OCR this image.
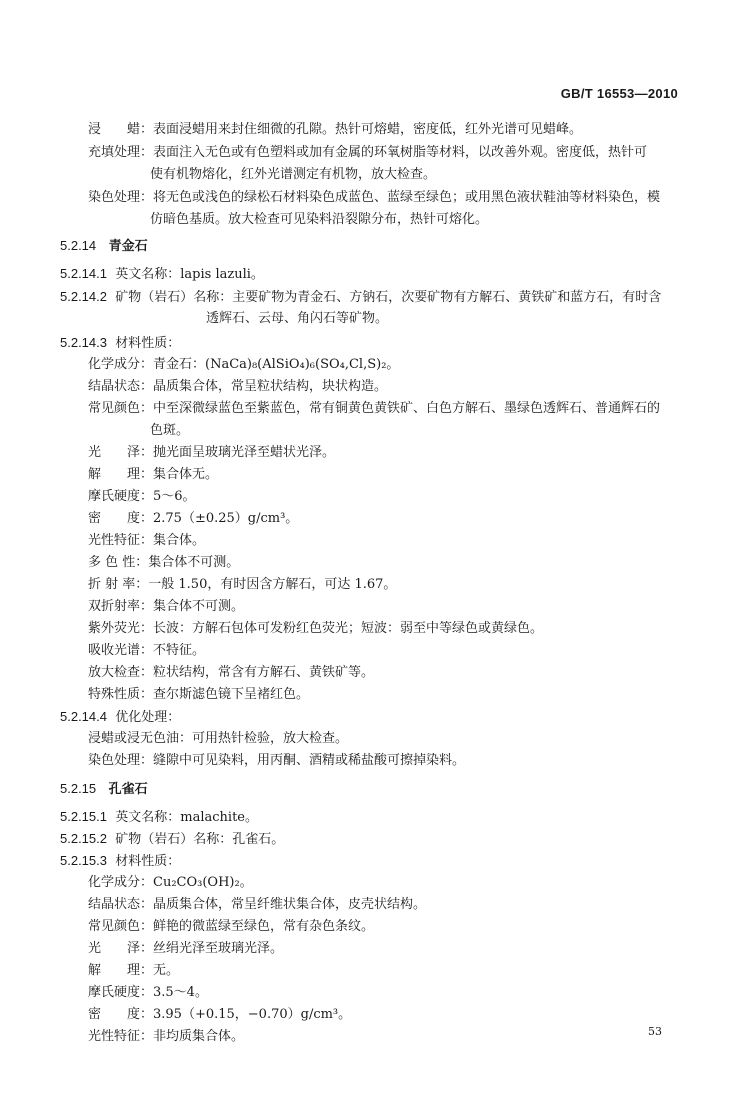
GB/T 16553—2010
浸　　蜡：表面浸蜡用来封住细微的孔隙。热针可熔蜡，密度低，红外光谱可见蜡峰。
充填处理：表面注入无色或有色塑料或加有金属的环氧树脂等材料，以改善外观。密度低，热针可
使有机物熔化，红外光谱测定有机物，放大检查。
染色处理：将无色或浅色的绿松石材料染色成蓝色、蓝绿至绿色；或用黑色液状鞋油等材料染色，模
仿暗色基质。放大检查可见染料沿裂隙分布，热针可熔化。
5.2.14 青金石
5.2.14.1 英文名称：lapis lazuli。
5.2.14.2 矿物（岩石）名称：主要矿物为青金石、方钠石，次要矿物有方解石、黄铁矿和蓝方石，有时含
透辉石、云母、角闪石等矿物。
5.2.14.3 材料性质：
化学成分：青金石：(NaCa)₈(AlSiO₄)₆(SO₄,Cl,S)₂。
结晶状态：晶质集合体，常呈粒状结构，块状构造。
常见颜色：中至深微绿蓝色至紫蓝色，常有铜黄色黄铁矿、白色方解石、墨绿色透辉石、普通辉石的
色斑。
光　　泽：抛光面呈玻璃光泽至蜡状光泽。
解　　理：集合体无。
摩氏硬度：5～6。
密　　度：2.75（±0.25）g/cm³。
光性特征：集合体。
多 色 性：集合体不可测。
折 射 率：一般 1.50，有时因含方解石，可达 1.67。
双折射率：集合体不可测。
紫外荧光：长波：方解石包体可发粉红色荧光；短波：弱至中等绿色或黄绿色。
吸收光谱：不特征。
放大检查：粒状结构，常含有方解石、黄铁矿等。
特殊性质：查尔斯滤色镜下呈褚红色。
5.2.14.4 优化处理：
浸蜡或浸无色油：可用热针检验，放大检查。
染色处理：缝隙中可见染料，用丙酮、酒精或稀盐酸可擦掉染料。
5.2.15 孔雀石
5.2.15.1 英文名称：malachite。
5.2.15.2 矿物（岩石）名称：孔雀石。
5.2.15.3 材料性质：
化学成分：Cu₂CO₃(OH)₂。
结晶状态：晶质集合体，常呈纤维状集合体，皮壳状结构。
常见颜色：鲜艳的微蓝绿至绿色，常有杂色条纹。
光　　泽：丝绢光泽至玻璃光泽。
解　　理：无。
摩氏硬度：3.5～4。
密　　度：3.95（+0.15，−0.70）g/cm³。
光性特征：非均质集合体。	53
